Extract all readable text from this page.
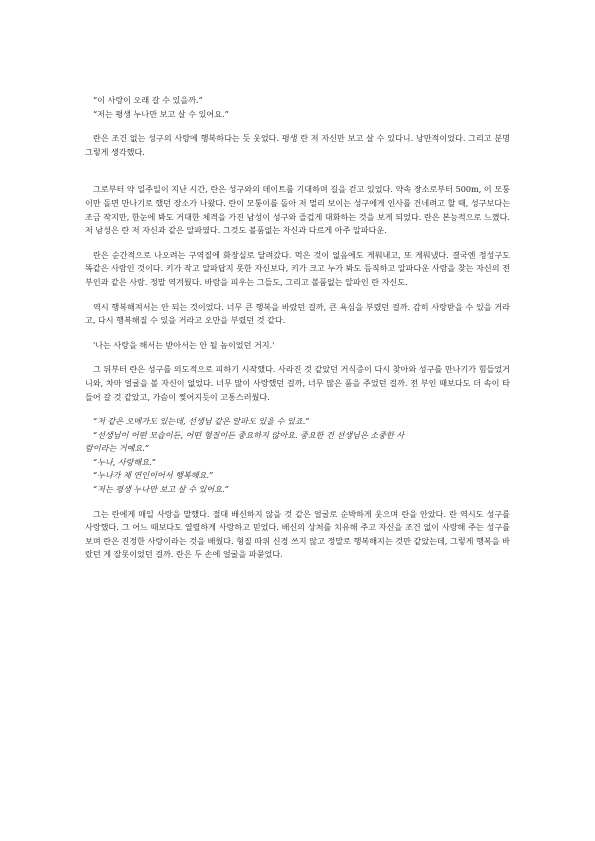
“이 사랑이 오래 갈 수 있을까.”

“저는 평생 누나만 보고 살 수 있어요.”

란은 조건 없는 성구의 사랑에 행복하다는 듯 웃었다. 평생 란 저 자신만 보고 살 수 있다니. 낭만적이었다. 그리고 분명 그렇게 생각했다.

그로부터 약 일주일이 지난 시간, 란은 성구와의 데이트를 기대하며 길을 걷고 있었다. 약속 장소로부터 500m, 이 모퉁이만 돌면 만나기로 했던 장소가 나왔다. 란이 모퉁이를 돌아 저 멀리 보이는 성구에게 인사를 건네려고 할 때, 성구보다는 조금 작지만, 한눈에 봐도 거대한 체격을 가진 남성이 성구와 즐겁게 대화하는 것을 보게 되었다. 란은 본능적으로 느꼈다. 저 남성은 란 저 자신과 같은 알파였다. 그것도 볼품없는 자신과 다르게 아주 알파다운.

란은 순간적으로 나오려는 구역질에 화장실로 달려갔다. 먹은 것이 없음에도 게워내고, 또 게워냈다. 결국엔 정성구도 똑같은 사람인 것이다. 키가 작고 알파답지 못한 자신보다, 키가 크고 누가 봐도 듬직하고 알파다운 사람을 찾는 자신의 전 부인과 같은 사람. 정말 역겨웠다. 바람을 피우는 그들도, 그리고 볼품없는 알파인 란 자신도.

역시 행복해져서는 안 되는 것이었다. 너무 큰 행복을 바랐던 걸까, 큰 욕심을 부렸던 걸까. 감히 사랑받을 수 있을 거라고, 다시 행복해질 수 있을 거라고 오만을 부렸던 것 같다.

'나는 사랑을 해서는 받아서는 안 될 놈이었던 거지.'

그 뒤부터 란은 성구를 의도적으로 피하기 시작했다. 사라진 것 같았던 거식증이 다시 찾아와 성구를 만나기가 힘들었거니와, 차마 얼굴을 볼 자신이 없었다. 너무 많이 사랑했던 걸까, 너무 많은 품을 주었던 걸까. 전 부인 때보다도 더 속이 타들어 갈 것 같았고, 가슴이 찢어지듯이 고통스러웠다.

“저 같은 오메가도 있는데, 선생님 같은 알파도 있을 수 있죠.”

“선생님이 어떤 모습이든, 어떤 형질이든 중요하지 않아요. 중요한 건 선생님은 소중한 사

람이라는 거예요.”

“누나, 사랑해요.”

“누나가 제 연인이어서 행복해요.”

“저는 평생 누나만 보고 살 수 있어요.”

그는 란에게 매일 사랑을 말했다. 절대 배신하지 않을 것 같은 얼굴로 순박하게 웃으며 란을 안았다. 란 역시도 성구를 사랑했다. 그 어느 때보다도 열렬하게 사랑하고 믿었다. 배신의 상처를 치유해 주고 자신을 조건 없이 사랑해 주는 성구를 보며 란은 진정한 사랑이라는 것을 배웠다. 형질 따위 신경 쓰지 않고 정말로 행복해지는 것만 같았는데, 그렇게 행복을 바랐던 게 잘못이었던 걸까. 란은 두 손에 얼굴을 파묻었다.
